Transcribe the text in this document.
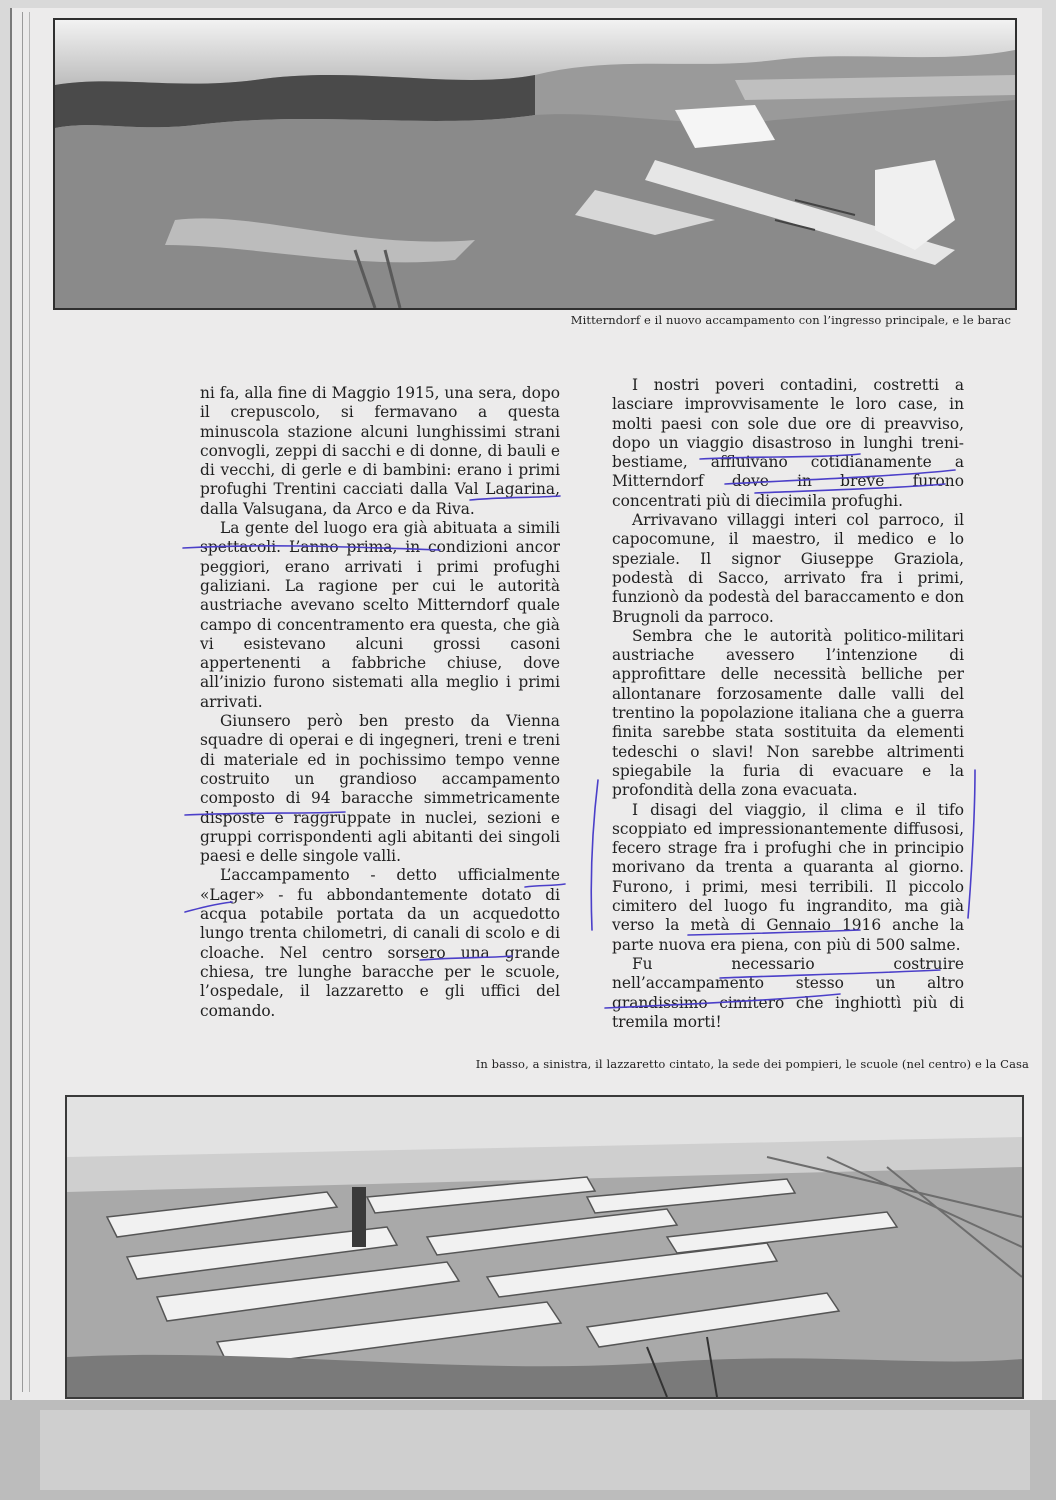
Mitterndorf e il nuovo accampamento con l’ingresso principale, e le barac

ni fa, alla fine di Maggio 1915, una sera, dopo il crepuscolo, si fermavano a questa minuscola stazione alcuni lunghissimi strani convogli, zeppi di sacchi e di donne, di bauli e di vecchi, di gerle e di bambini: erano i primi profughi Trentini cacciati dalla Val Lagarina, dalla Valsugana, da Arco e da Riva.

La gente del luogo era già abituata a simili spettacoli. L’anno prima, in condizioni ancor peggiori, erano arrivati i primi profughi galiziani. La ragione per cui le autorità austriache avevano scelto Mitterndorf quale campo di concentramento era questa, che già vi esistevano alcuni grossi casoni appertenenti a fabbriche chiuse, dove all’inizio furono sistemati alla meglio i primi arrivati.

Giunsero però ben presto da Vienna squadre di operai e di ingegneri, treni e treni di materiale ed in pochissimo tempo venne costruito un grandioso accampamento composto di 94 baracche simmetricamente disposte e raggruppate in nuclei, sezioni e gruppi corrispondenti agli abitanti dei singoli paesi e delle singole valli.

L’accampamento - detto ufficialmente «Lager» - fu abbondantemente dotato di acqua potabile portata da un acquedotto lungo trenta chilometri, di canali di scolo e di cloache. Nel centro sorsero una grande chiesa, tre lunghe baracche per le scuole, l’ospedale, il lazzaretto e gli uffici del comando.

I nostri poveri contadini, costretti a lasciare improvvisamente le loro case, in molti paesi con sole due ore di preavviso, dopo un viaggio disastroso in lunghi treni-bestiame, affluivano cotidianamente a Mitterndorf dove in breve furono concentrati più di diecimila profughi.

Arrivavano villaggi interi col parroco, il capocomune, il maestro, il medico e lo speziale. Il signor Giuseppe Graziola, podestà di Sacco, arrivato fra i primi, funzionò da podestà del baraccamento e don Brugnoli da parroco.

Sembra che le autorità politico-militari austriache avessero l’intenzione di approfittare delle necessità belliche per allontanare forzosamente dalle valli del trentino la popolazione italiana che a guerra finita sarebbe stata sostituita da elementi tedeschi o slavi! Non sarebbe altrimenti spiegabile la furia di evacuare e la profondità della zona evacuata.

I disagi del viaggio, il clima e il tifo scoppiato ed impressionantemente diffusosi, fecero strage fra i profughi che in principio morivano da trenta a quaranta al giorno. Furono, i primi, mesi terribili. Il piccolo cimitero del luogo fu ingrandito, ma già verso la metà di Gennaio 1916 anche la parte nuova era piena, con più di 500 salme.

Fu necessario costruire nell’accampamento stesso un altro grandissimo cimitero che inghiottì più di tremila morti!

In basso, a sinistra, il lazzaretto cintato, la sede dei pompieri, le scuole (nel centro) e la Casa
